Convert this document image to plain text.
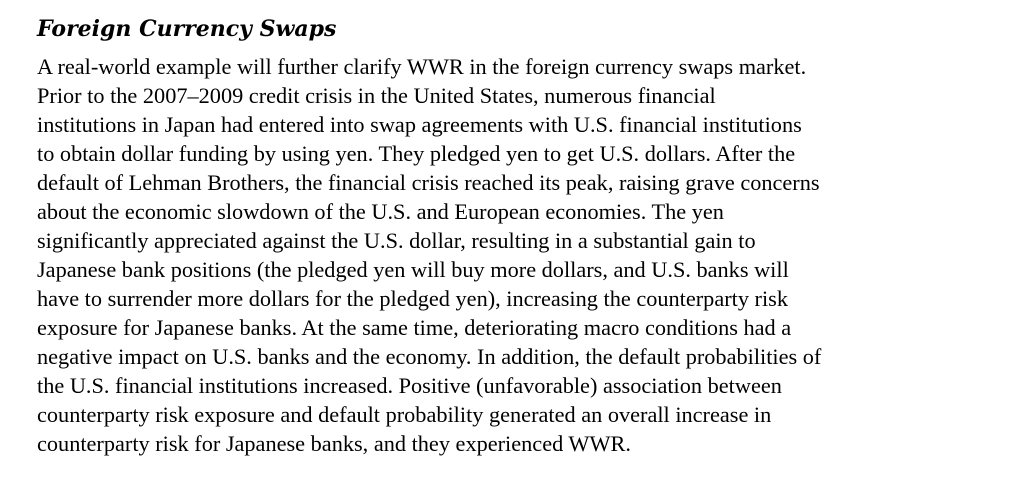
Foreign Currency Swaps

A real-world example will further clarify WWR in the foreign currency swaps market.
Prior to the 2007–2009 credit crisis in the United States, numerous financial
institutions in Japan had entered into swap agreements with U.S. financial institutions
to obtain dollar funding by using yen. They pledged yen to get U.S. dollars. After the
default of Lehman Brothers, the financial crisis reached its peak, raising grave concerns
about the economic slowdown of the U.S. and European economies. The yen
significantly appreciated against the U.S. dollar, resulting in a substantial gain to
Japanese bank positions (the pledged yen will buy more dollars, and U.S. banks will
have to surrender more dollars for the pledged yen), increasing the counterparty risk
exposure for Japanese banks. At the same time, deteriorating macro conditions had a
negative impact on U.S. banks and the economy. In addition, the default probabilities of
the U.S. financial institutions increased. Positive (unfavorable) association between
counterparty risk exposure and default probability generated an overall increase in
counterparty risk for Japanese banks, and they experienced WWR.
